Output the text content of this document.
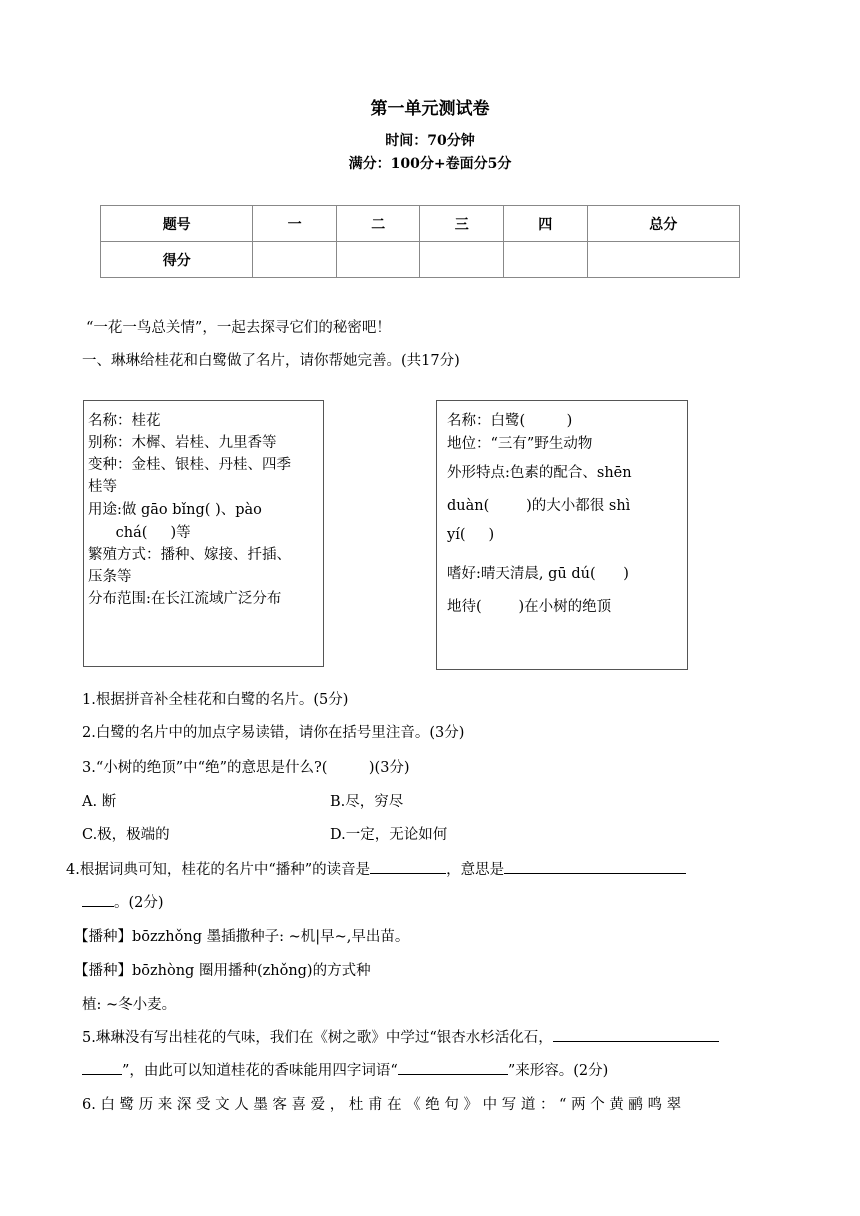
第一单元测试卷
时间：70分钟
满分：100分+卷面分5分
题号	一	二	三	四	总分
得分					
“一花一鸟总关情”，一起去探寻它们的秘密吧！
一、琳琳给桂花和白鹭做了名片，请你帮她完善。(共17分)
名称：桂花
别称：木樨、岩桂、九里香等
变种：金桂、银桂、丹桂、四季
桂等
用途:做 gāo bǐng( )、pào
chá(     )等
繁殖方式：播种、嫁接、扦插、
压条等
分布范围:在长江流域广泛分布
名称：白鹭(         )
地位：“三有”野生动物
外形特点:色素的配合、shēn
duàn(        )的大小都很 shì
yí(     )
嗜好:晴天清晨, gū dú(      )
地待(        )在小树的绝顶
1.根据拼音补全桂花和白鹭的名片。(5分)
2.白鹭的名片中的加点字易读错，请你在括号里注音。(3分)
3.“小树的绝顶”中“绝”的意思是什么?(         )(3分)
A. 断	B.尽，穷尽
C.极，极端的	D.一定，无论如何
4.根据词典可知，桂花的名片中“播种”的读音是	，意思是
。(2分)
【播种】bōzzhǒng 墨插撒种子: ~机|早~,早出苗。
【播种】bōzhòng 圈用播种(zhǒng)的方式种
植: ~冬小麦。
5.琳琳没有写出桂花的气味，我们在《树之歌》中学过“银杏水杉活化石，
”，由此可以知道桂花的香味能用四字词语“	”来形容。(2分)
6. 白 鹭 历 来 深 受 文 人 墨 客 喜 爱 ， 杜 甫 在 《 绝 句 》 中 写 道 ： “ 两 个 黄 鹂 鸣 翠
